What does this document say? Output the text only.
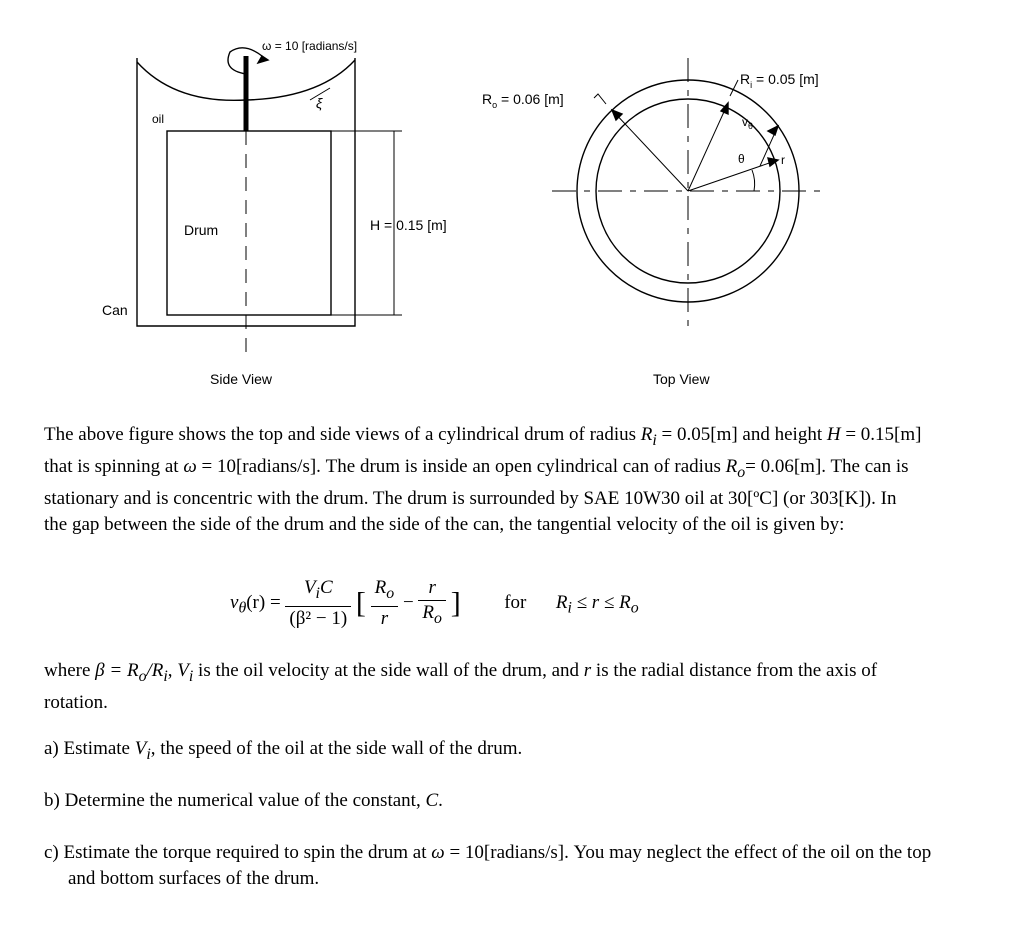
ω = 10 [radians/s]
ξ
oil
Drum
Can
H = 0.15 [m]
Side View
$R_o = 0.06$ [m]
$R_i = 0.05$ [m]
$v_\theta$
θ	r
Top View

The above figure shows the top and side views of a cylindrical drum of radius $R_i = 0.05[m]$ and height H = 0.15[m] that is spinning at ω = 10[radians/s]. The drum is inside an open cylindrical can of radius $R_o= 0.06[m]$. The can is stationary and is concentric with the drum. The drum is surrounded by SAE 10W30 oil at 30[ºC] (or 303[K]). In the gap between the side of the drum and the side of the can, the tangential velocity of the oil is given by:

$v_\theta(r) = \frac{V_iC}{\text{(β² − 1)}}$ [ $\frac{R_o}{r} - \frac{r}{R_o}$ ] for $R_i \le r \le R_o$

where $\beta = R_o/R_i$, $V_i$ is the oil velocity at the side wall of the drum, and r is the radial distance from the axis of rotation.

a) Estimate $V_i$, the speed of the oil at the side wall of the drum.

b) Determine the numerical value of the constant, C.

c) Estimate the torque required to spin the drum at ω = 10[radians/s]. You may neglect the effect of the oil on the top and bottom surfaces of the drum.
